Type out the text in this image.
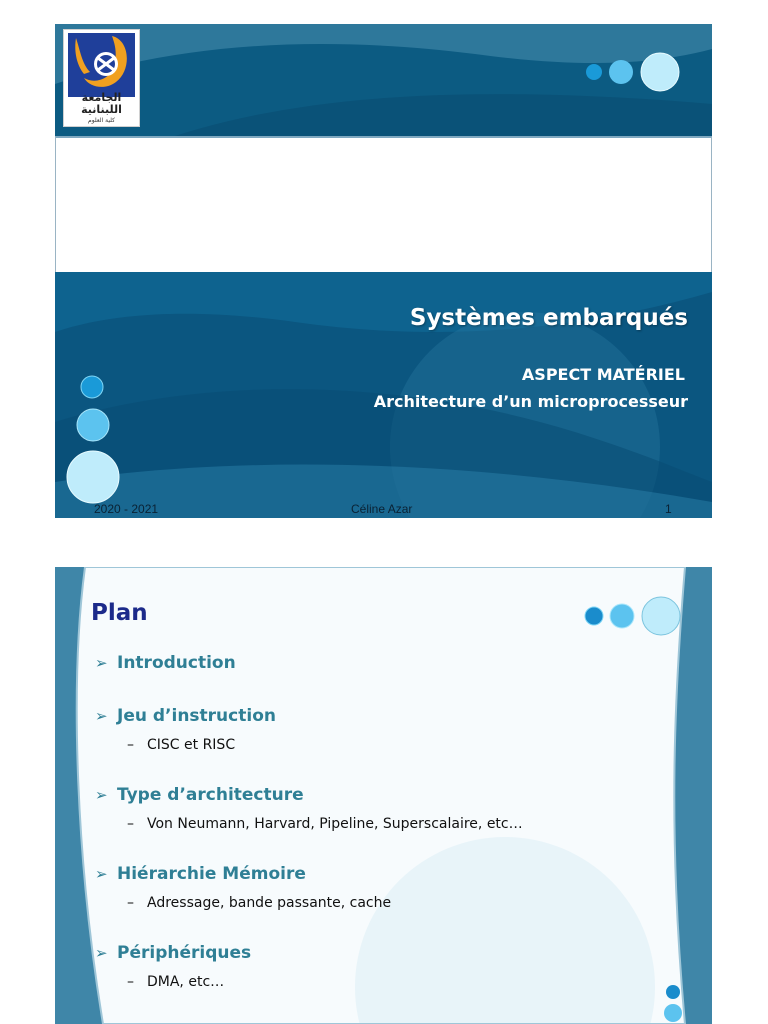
الجامعة اللبنانية
كلية العلوم
Systèmes embarqués
ASPECT MATÉRIEL
Architecture d’un microprocesseur
2020 - 2021	Céline Azar	1
Plan
➢ Introduction
➢ Jeu d’instruction
– CISC et RISC
➢ Type d’architecture
– Von Neumann, Harvard, Pipeline, Superscalaire, etc…
➢ Hiérarchie Mémoire
– Adressage, bande passante, cache
➢ Périphériques
– DMA, etc…
